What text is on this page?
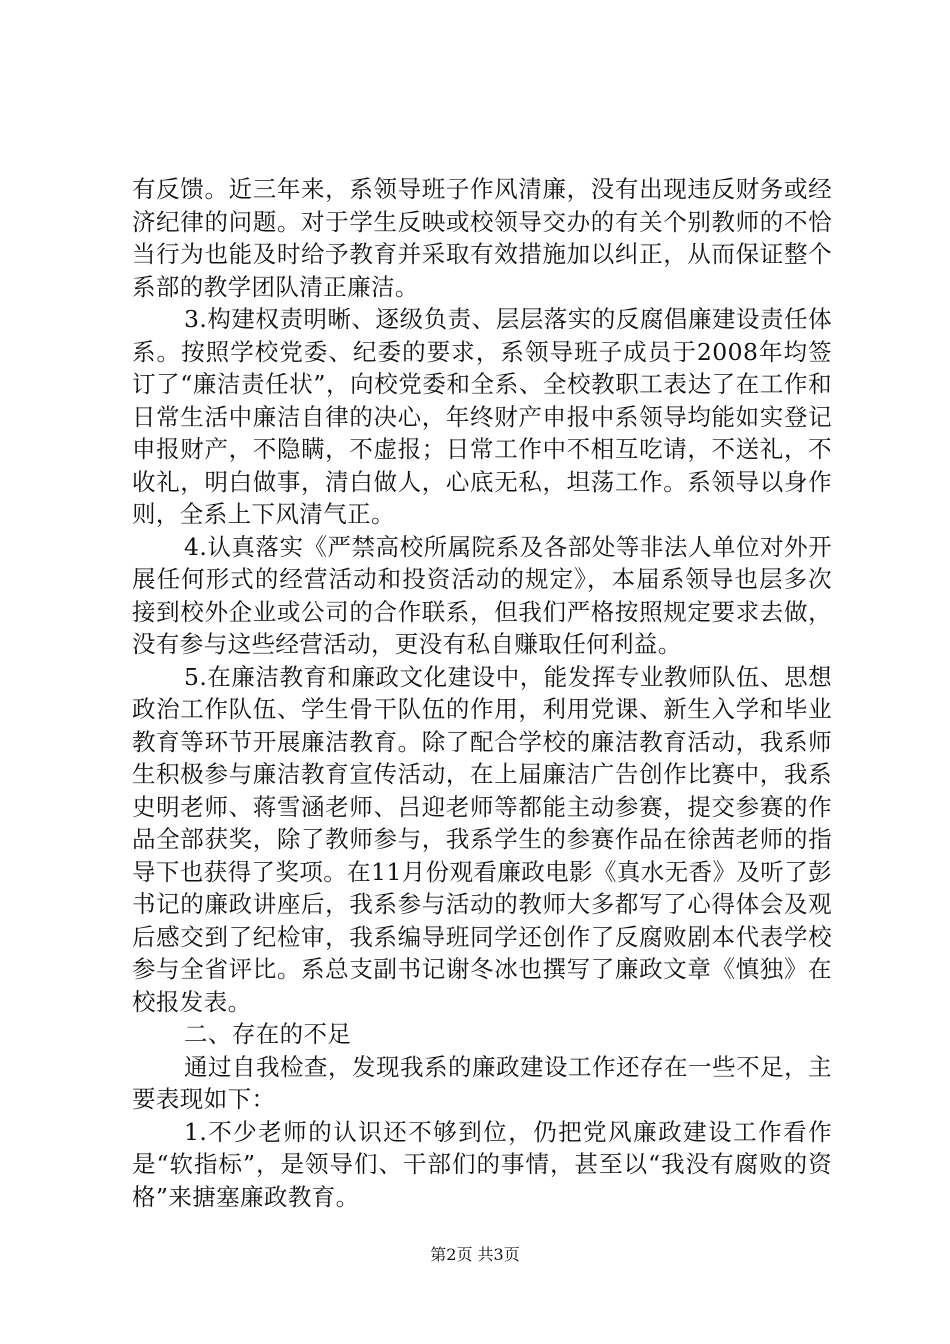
有反馈。近三年来，系领导班子作风清廉，没有出现违反财务或经济纪律的问题。对于学生反映或校领导交办的有关个别教师的不恰当行为也能及时给予教育并采取有效措施加以纠正，从而保证整个系部的教学团队清正廉洁。

3.构建权责明晰、逐级负责、层层落实的反腐倡廉建设责任体系。按照学校党委、纪委的要求，系领导班子成员于2008年均签订了“廉洁责任状”，向校党委和全系、全校教职工表达了在工作和日常生活中廉洁自律的决心，年终财产申报中系领导均能如实登记申报财产，不隐瞒，不虚报；日常工作中不相互吃请，不送礼，不收礼，明白做事，清白做人，心底无私，坦荡工作。系领导以身作则，全系上下风清气正。

4.认真落实《严禁高校所属院系及各部处等非法人单位对外开展任何形式的经营活动和投资活动的规定》，本届系领导也层多次接到校外企业或公司的合作联系，但我们严格按照规定要求去做，没有参与这些经营活动，更没有私自赚取任何利益。

5.在廉洁教育和廉政文化建设中，能发挥专业教师队伍、思想政治工作队伍、学生骨干队伍的作用，利用党课、新生入学和毕业教育等环节开展廉洁教育。除了配合学校的廉洁教育活动，我系师生积极参与廉洁教育宣传活动，在上届廉洁广告创作比赛中，我系史明老师、蒋雪涵老师、吕迎老师等都能主动参赛，提交参赛的作品全部获奖，除了教师参与，我系学生的参赛作品在徐茜老师的指导下也获得了奖项。在11月份观看廉政电影《真水无香》及听了彭书记的廉政讲座后，我系参与活动的教师大多都写了心得体会及观后感交到了纪检审，我系编导班同学还创作了反腐败剧本代表学校参与全省评比。系总支副书记谢冬冰也撰写了廉政文章《慎独》在校报发表。

二、存在的不足

通过自我检查，发现我系的廉政建设工作还存在一些不足，主要表现如下：

1.不少老师的认识还不够到位，仍把党风廉政建设工作看作是“软指标”，是领导们、干部们的事情，甚至以“我没有腐败的资格”来搪塞廉政教育。

第2页 共3页
